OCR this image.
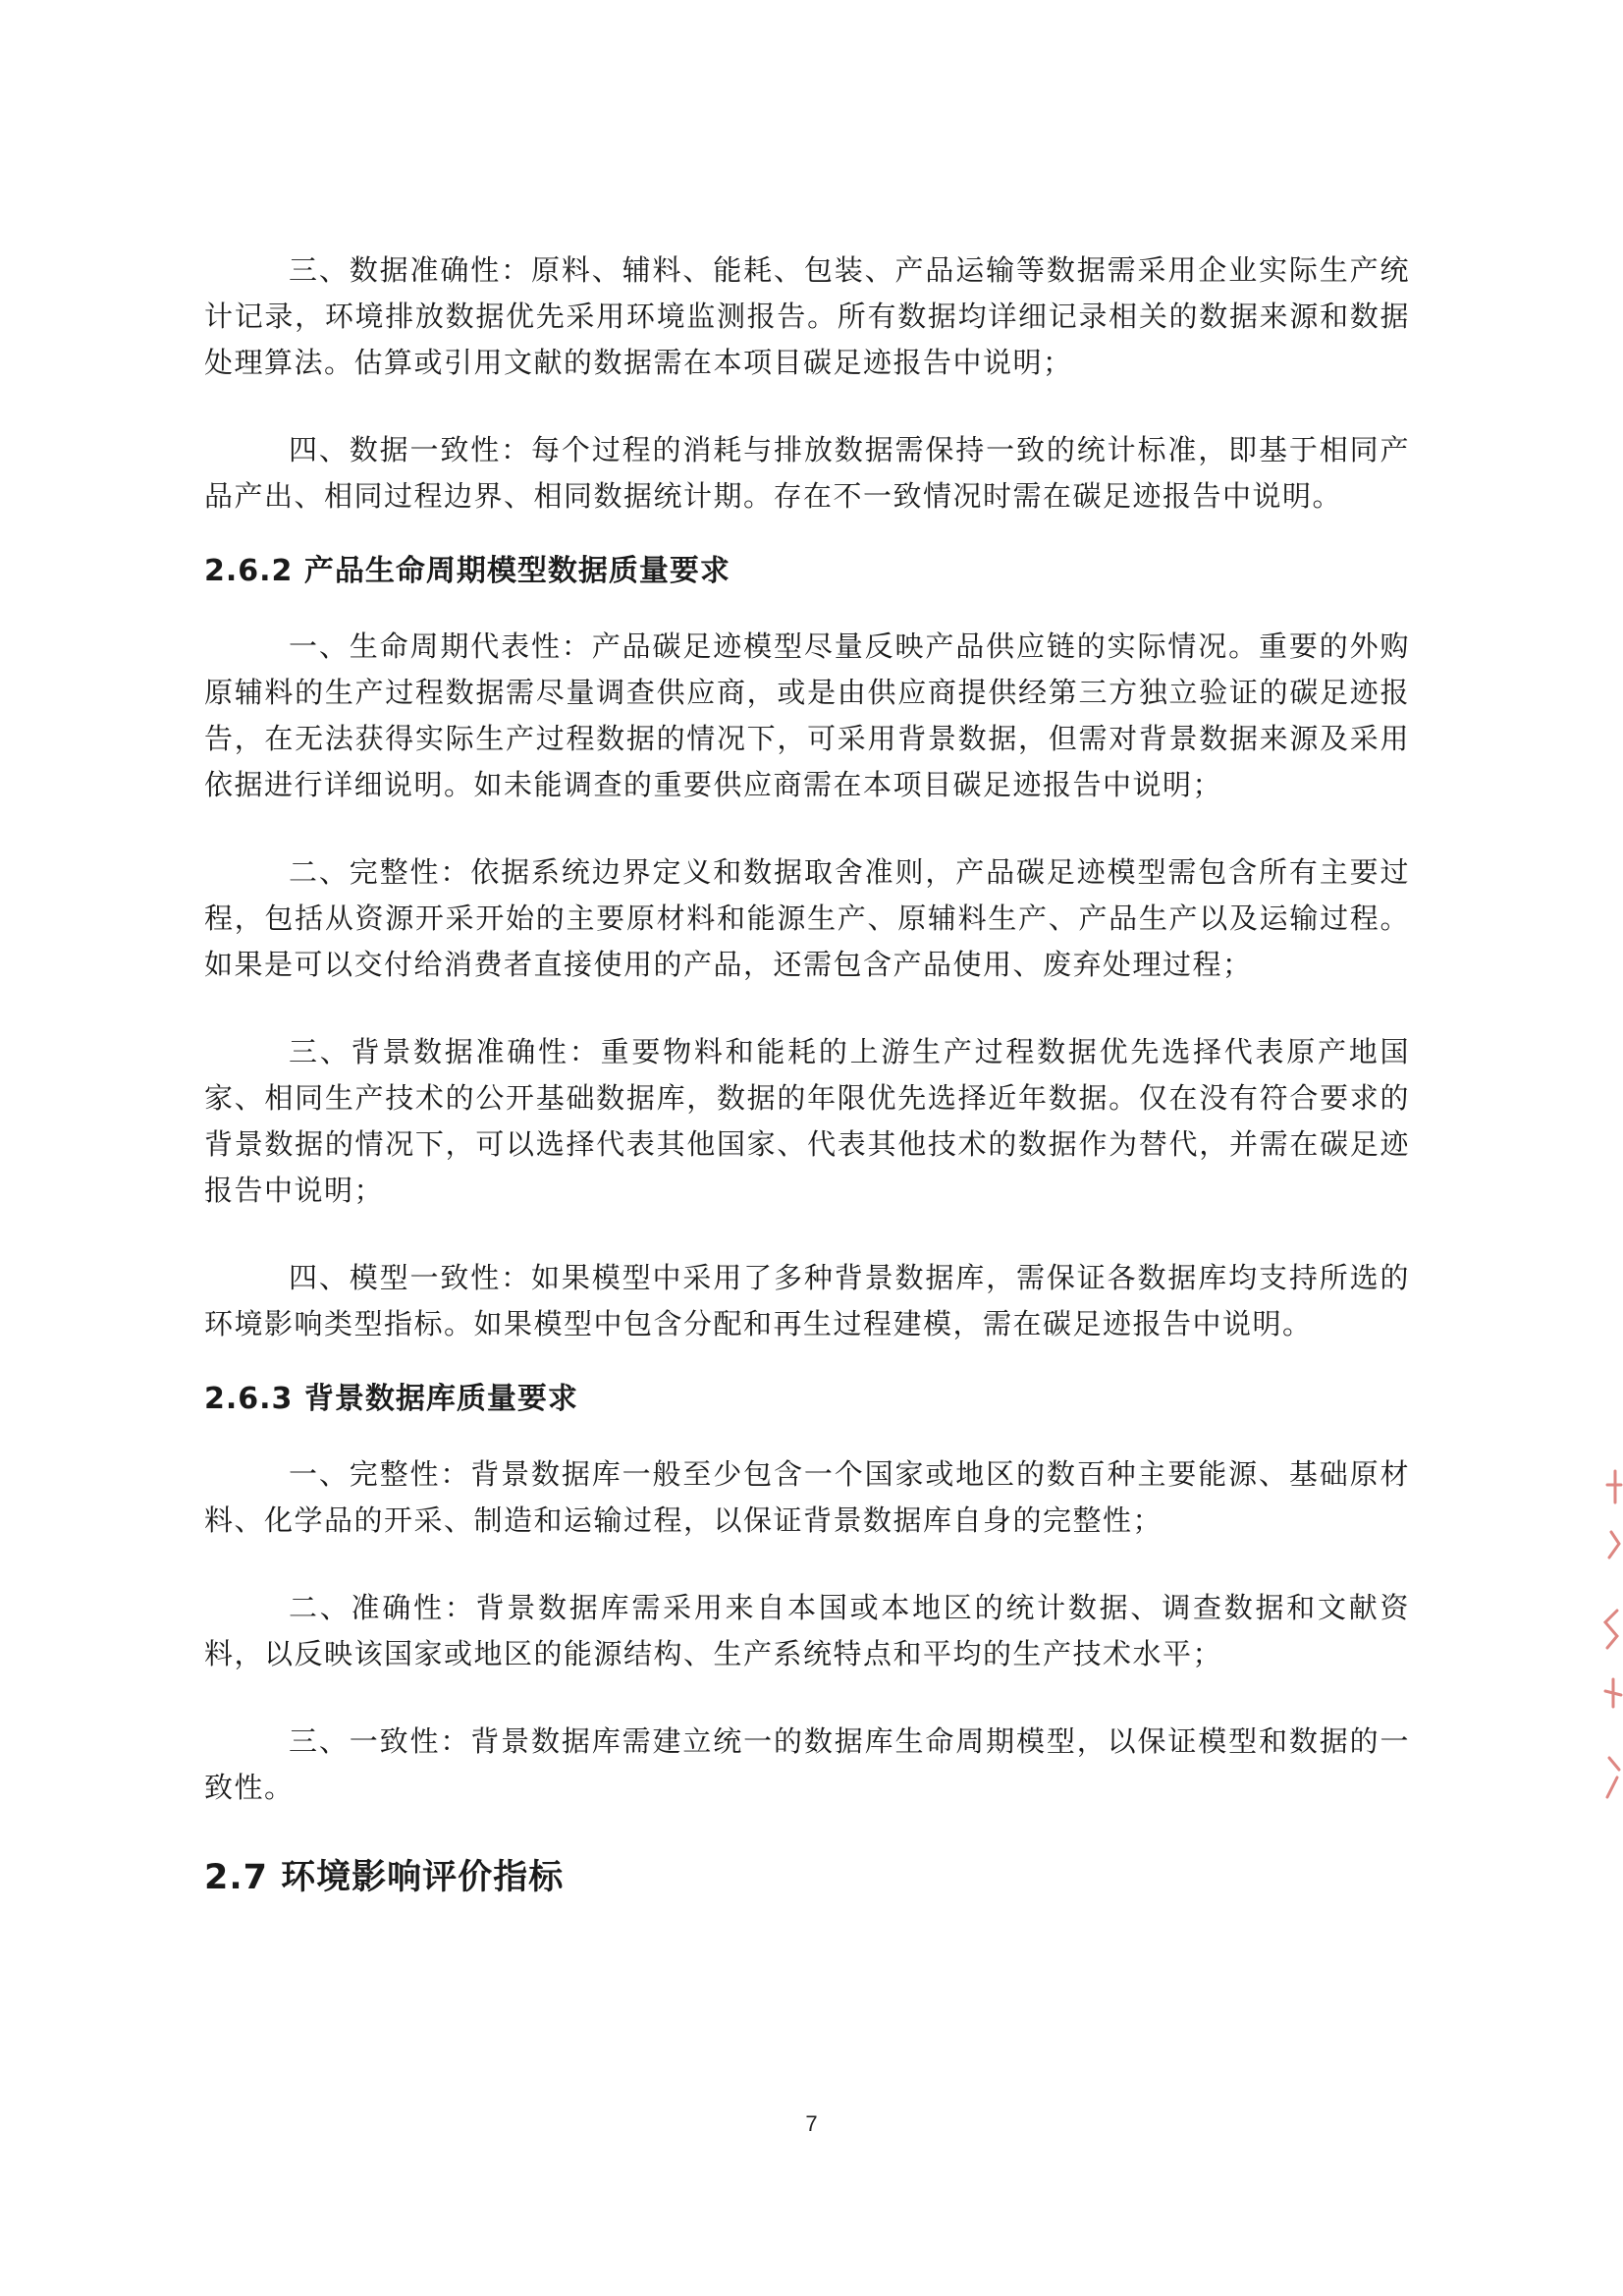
三、数据准确性：原料、辅料、能耗、包装、产品运输等数据需采用企业实际生产统计记录，环境排放数据优先采用环境监测报告。所有数据均详细记录相关的数据来源和数据处理算法。估算或引用文献的数据需在本项目碳足迹报告中说明；

四、数据一致性：每个过程的消耗与排放数据需保持一致的统计标准，即基于相同产品产出、相同过程边界、相同数据统计期。存在不一致情况时需在碳足迹报告中说明。

2.6.2 产品生命周期模型数据质量要求

一、生命周期代表性：产品碳足迹模型尽量反映产品供应链的实际情况。重要的外购原辅料的生产过程数据需尽量调查供应商，或是由供应商提供经第三方独立验证的碳足迹报告，在无法获得实际生产过程数据的情况下，可采用背景数据，但需对背景数据来源及采用依据进行详细说明。如未能调查的重要供应商需在本项目碳足迹报告中说明；

二、完整性：依据系统边界定义和数据取舍准则，产品碳足迹模型需包含所有主要过程，包括从资源开采开始的主要原材料和能源生产、原辅料生产、产品生产以及运输过程。如果是可以交付给消费者直接使用的产品，还需包含产品使用、废弃处理过程；

三、背景数据准确性：重要物料和能耗的上游生产过程数据优先选择代表原产地国家、相同生产技术的公开基础数据库，数据的年限优先选择近年数据。仅在没有符合要求的背景数据的情况下，可以选择代表其他国家、代表其他技术的数据作为替代，并需在碳足迹报告中说明；

四、模型一致性：如果模型中采用了多种背景数据库，需保证各数据库均支持所选的环境影响类型指标。如果模型中包含分配和再生过程建模，需在碳足迹报告中说明。

2.6.3 背景数据库质量要求

一、完整性：背景数据库一般至少包含一个国家或地区的数百种主要能源、基础原材料、化学品的开采、制造和运输过程，以保证背景数据库自身的完整性；

二、准确性：背景数据库需采用来自本国或本地区的统计数据、调查数据和文献资料，以反映该国家或地区的能源结构、生产系统特点和平均的生产技术水平；

三、一致性：背景数据库需建立统一的数据库生命周期模型，以保证模型和数据的一致性。

2.7 环境影响评价指标
7
